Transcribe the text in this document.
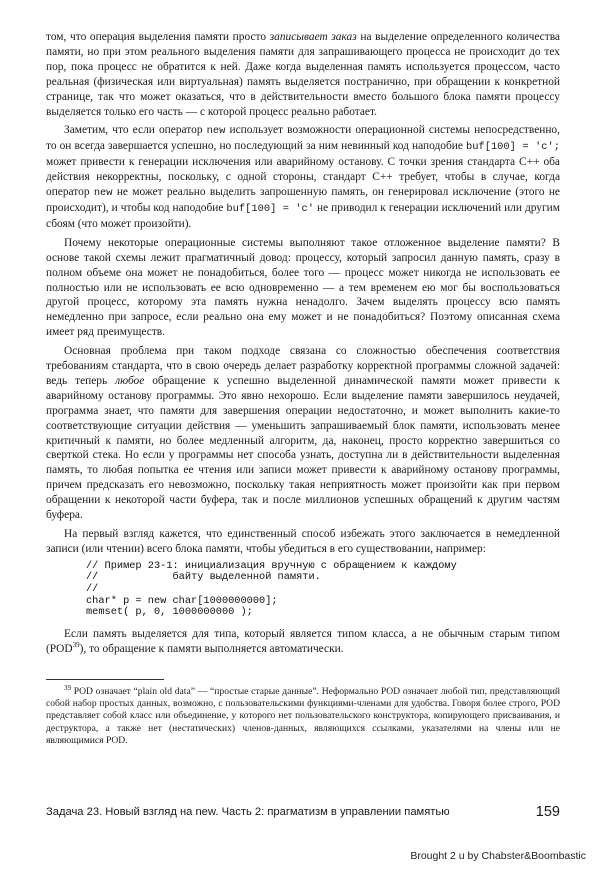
том, что операция выделения памяти просто записывает заказ на выделение определенного количества памяти, но при этом реального выделения памяти для запрашивающего процесса не происходит до тех пор, пока процесс не обратится к ней. Даже когда выделенная память используется процессом, часто реальная (физическая или виртуальная) память выделяется постранично, при обращении к конкретной странице, так что может оказаться, что в действительности вместо большого блока памяти процессу выделяется только его часть — с которой процесс реально работает.

Заметим, что если оператор new использует возможности операционной системы непосредственно, то он всегда завершается успешно, но последующий за ним невинный код наподобие buf[100] = 'c'; может привести к генерации исключения или аварийному останову. С точки зрения стандарта С++ оба действия некорректны, поскольку, с одной стороны, стандарт С++ требует, чтобы в случае, когда оператор new не может реально выделить запрошенную память, он генерировал исключение (этого не происходит), и чтобы код наподобие buf[100] = 'c' не приводил к генерации исключений или другим сбоям (что может произойти).

Почему некоторые операционные системы выполняют такое отложенное выделение памяти? В основе такой схемы лежит прагматичный довод: процессу, который запросил данную память, сразу в полном объеме она может не понадобиться, более того — процесс может никогда не использовать ее полностью или не использовать ее всю одновременно — а тем временем ею мог бы воспользоваться другой процесс, которому эта память нужна ненадолго. Зачем выделять процессу всю память немедленно при запросе, если реально она ему может и не понадобиться? Поэтому описанная схема имеет ряд преимуществ.

Основная проблема при таком подходе связана со сложностью обеспечения соответствия требованиям стандарта, что в свою очередь делает разработку корректной программы сложной задачей: ведь теперь любое обращение к успешно выделенной динамической памяти может привести к аварийному останову программы. Это явно нехорошо. Если выделение памяти завершилось неудачей, программа знает, что памяти для завершения операции недостаточно, и может выполнить какие-то соответствующие ситуации действия — уменьшить запрашиваемый блок памяти, использовать менее критичный к памяти, но более медленный алгоритм, да, наконец, просто корректно завершиться со сверткой стека. Но если у программы нет способа узнать, доступна ли в действительности выделенная память, то любая попытка ее чтения или записи может привести к аварийному останову программы, причем предсказать его невозможно, поскольку такая неприятность может произойти как при первом обращении к некоторой части буфера, так и после миллионов успешных обращений к другим частям буфера.

На первый взгляд кажется, что единственный способ избежать этого заключается в немедленной записи (или чтении) всего блока памяти, чтобы убедиться в его существовании, например:

// Пример 23-1: инициализация вручную с обращением к каждому
//            байту выделенной памяти.
//
char* p = new char[1000000000];
memset( p, 0, 1000000000 );

Если память выделяется для типа, который является типом класса, а не обычным старым типом (POD$^{39}$), то обращение к памяти выполняется автоматически.

$^{39}$ POD означает “plain old data” — “простые старые данные”. Неформально POD означает любой тип, представляющий собой набор простых данных, возможно, с пользовательскими функциями-членами для удобства. Говоря более строго, POD представляет собой класс или объединение, у которого нет пользовательского конструктора, копирующего присваивания, и деструктора, а также нет (нестатических) членов-данных, являющихся ссылками, указателями на члены или не являющимися POD.

Задача 23. Новый взгляд на new. Часть 2: прагматизм в управлении памятью	159
Brought 2 u by Chabster&Boombastic
